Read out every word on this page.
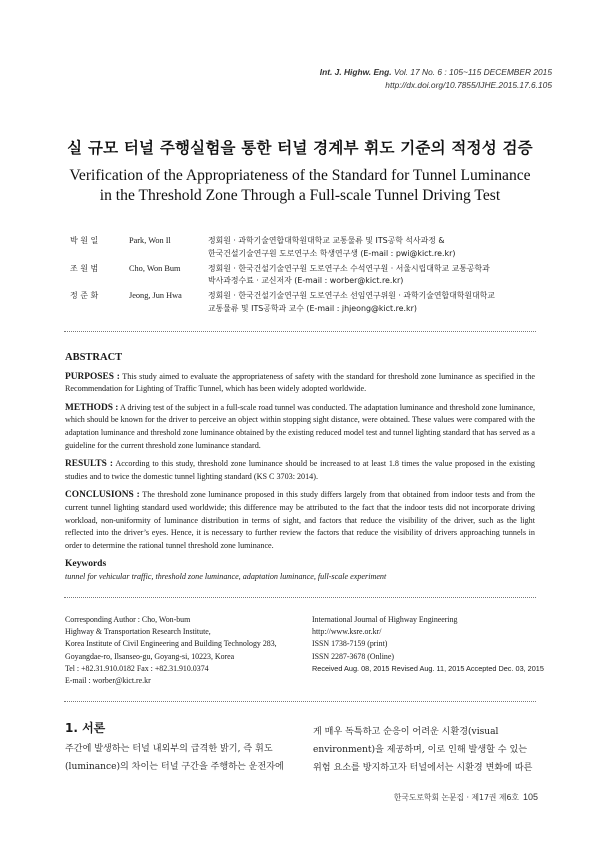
Int. J. Highw. Eng. Vol. 17 No. 6 : 105~115 DECEMBER 2015
http://dx.doi.org/10.7855/IJHE.2015.17.6.105
실 규모 터널 주행실험을 통한 터널 경계부 휘도 기준의 적정성 검증
Verification of the Appropriateness of the Standard for Tunnel Luminance
in the Threshold Zone Through a Full-scale Tunnel Driving Test
박 원 일	Park, Won Il	정회원 · 과학기술연합대학원대학교 교통물류 및 ITS공학 석사과정 &
한국건설기술연구원 도로연구소 학생연구생 (E-mail : pwi@kict.re.kr)
조 원 범	Cho, Won Bum	정회원 · 한국건설기술연구원 도로연구소 수석연구원 · 서울시립대학교 교통공학과
박사과정수료 · 교신저자 (E-mail : worber@kict.re.kr)
정 준 화	Jeong, Jun Hwa	정회원 · 한국건설기술연구원 도로연구소 선임연구위원 · 과학기술연합대학원대학교
교통물류 및 ITS공학과 교수 (E-mail : jhjeong@kict.re.kr)
ABSTRACT

PURPOSES : This study aimed to evaluate the appropriateness of safety with the standard for threshold zone luminance as specified in the Recommendation for Lighting of Traffic Tunnel, which has been widely adopted worldwide.

METHODS : A driving test of the subject in a full-scale road tunnel was conducted. The adaptation luminance and threshold zone luminance, which should be known for the driver to perceive an object within stopping sight distance, were obtained. These values were compared with the adaptation luminance and threshold zone luminance obtained by the existing reduced model test and tunnel lighting standard that has served as a guideline for the current threshold zone luminance standard.

RESULTS : According to this study, threshold zone luminance should be increased to at least 1.8 times the value proposed in the existing studies and to twice the domestic tunnel lighting standard (KS C 3703: 2014).

CONCLUSIONS : The threshold zone luminance proposed in this study differs largely from that obtained from indoor tests and from the current tunnel lighting standard used worldwide; this difference may be attributed to the fact that the indoor tests did not incorporate driving workload, non-uniformity of luminance distribution in terms of sight, and factors that reduce the visibility of the driver, such as the light reflected into the driver’s eyes. Hence, it is necessary to further review the factors that reduce the visibility of drivers approaching tunnels in order to determine the rational tunnel threshold zone luminance.

Keywords
tunnel for vehicular traffic, threshold zone luminance, adaptation luminance, full-scale experiment
Corresponding Author : Cho, Won-bum
Highway & Transportation Research Institute,
Korea Institute of Civil Engineering and Building Technology 283,
Goyangdae-ro, Ilsanseo-gu, Goyang-si, 10223, Korea
Tel : +82.31.910.0182 Fax : +82.31.910.0374
E-mail : worber@kict.re.kr
International Journal of Highway Engineering
http://www.ksre.or.kr/
ISSN 1738-7159 (print)
ISSN 2287-3678 (Online)
Received Aug. 08, 2015 Revised Aug. 11, 2015 Accepted Dec. 03, 2015
1. 서론
주간에 발생하는 터널 내외부의 급격한 밝기, 즉 휘도
(luminance)의 차이는 터널 구간을 주행하는 운전자에
게 매우 독특하고 순응이 어려운 시환경(visual
environment)을 제공하며, 이로 인해 발생할 수 있는
위험 요소를 방지하고자 터널에서는 시환경 변화에 따른
한국도로학회 논문집 · 제17권 제6호 105
